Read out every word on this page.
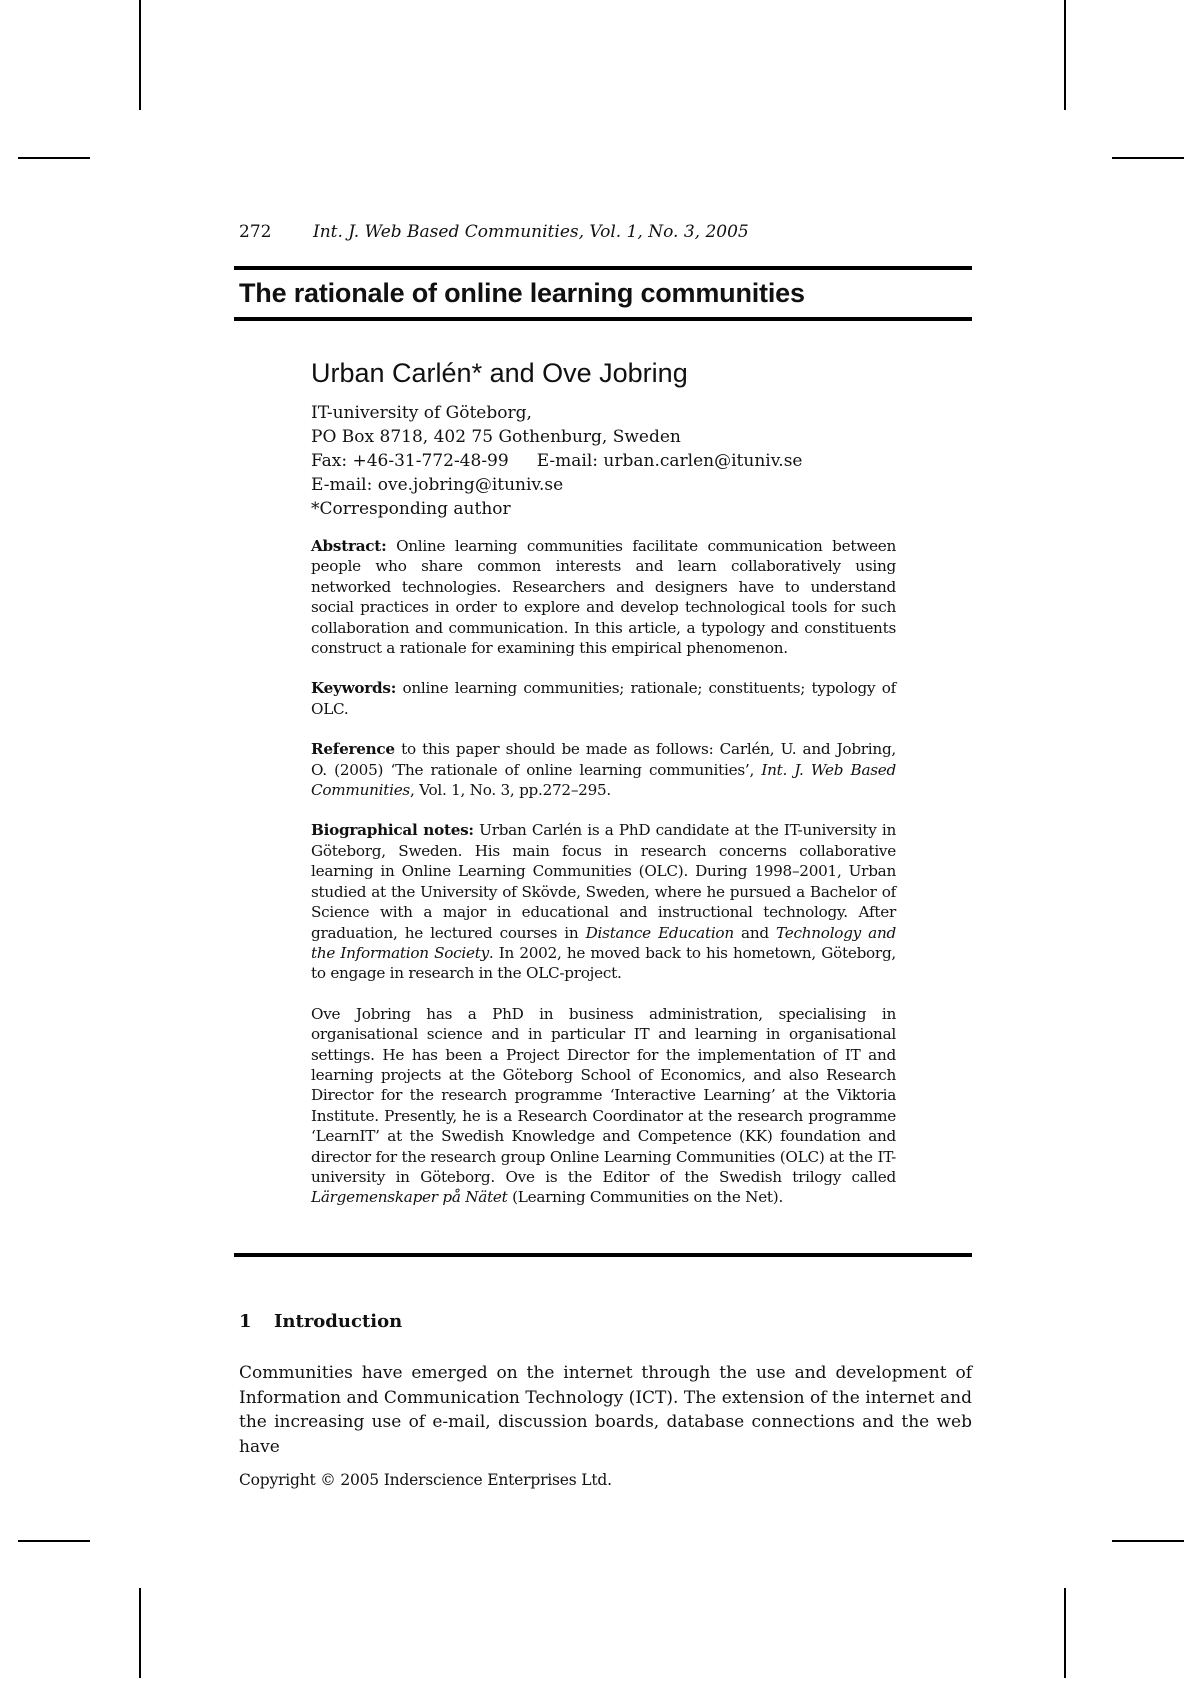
272 Int. J. Web Based Communities, Vol. 1, No. 3, 2005
The rationale of online learning communities
Urban Carlén* and Ove Jobring
IT-university of Göteborg,
PO Box 8718, 402 75 Gothenburg, Sweden
Fax: +46-31-772-48-99 E-mail: urban.carlen@ituniv.se
E-mail: ove.jobring@ituniv.se
*Corresponding author

Abstract: Online learning communities facilitate communication between people who share common interests and learn collaboratively using networked technologies. Researchers and designers have to understand social practices in order to explore and develop technological tools for such collaboration and communication. In this article, a typology and constituents construct a rationale for examining this empirical phenomenon.

Keywords: online learning communities; rationale; constituents; typology of OLC.

Reference to this paper should be made as follows: Carlén, U. and Jobring, O. (2005) ‘The rationale of online learning communities’, Int. J. Web Based Communities, Vol. 1, No. 3, pp.272–295.

Biographical notes: Urban Carlén is a PhD candidate at the IT-university in Göteborg, Sweden. His main focus in research concerns collaborative learning in Online Learning Communities (OLC). During 1998–2001, Urban studied at the University of Skövde, Sweden, where he pursued a Bachelor of Science with a major in educational and instructional technology. After graduation, he lectured courses in Distance Education and Technology and the Information Society. In 2002, he moved back to his hometown, Göteborg, to engage in research in the OLC-project.

Ove Jobring has a PhD in business administration, specialising in organisational science and in particular IT and learning in organisational settings. He has been a Project Director for the implementation of IT and learning projects at the Göteborg School of Economics, and also Research Director for the research programme ‘Interactive Learning’ at the Viktoria Institute. Presently, he is a Research Coordinator at the research programme ‘LearnIT’ at the Swedish Knowledge and Competence (KK) foundation and director for the research group Online Learning Communities (OLC) at the IT-university in Göteborg. Ove is the Editor of the Swedish trilogy called Lärgemenskaper på Nätet (Learning Communities on the Net).

1 Introduction

Communities have emerged on the internet through the use and development of Information and Communication Technology (ICT). The extension of the internet and the increasing use of e-mail, discussion boards, database connections and the web have

Copyright © 2005 Inderscience Enterprises Ltd.
